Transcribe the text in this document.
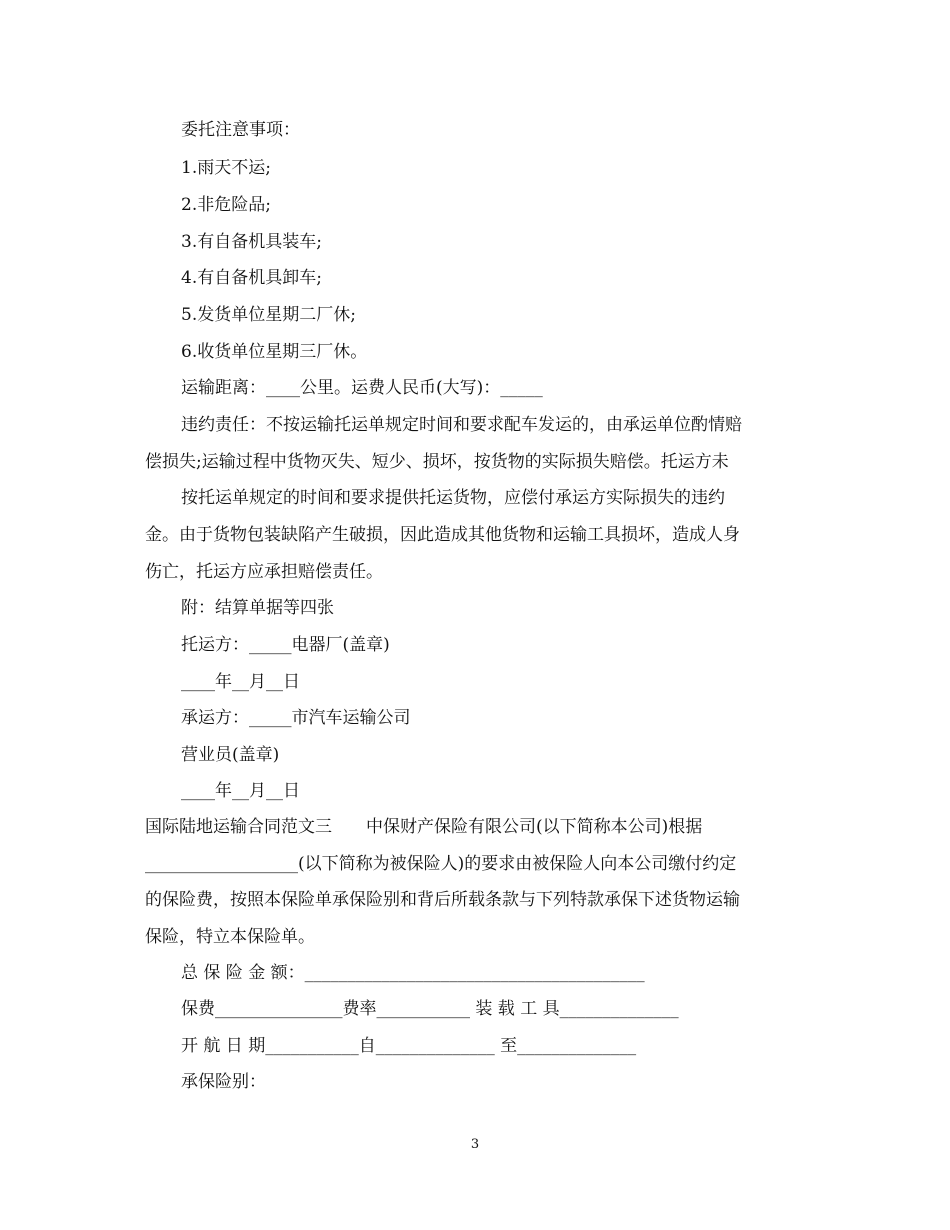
委托注意事项：
1.雨天不运;
2.非危险品;
3.有自备机具装车;
4.有自备机具卸车;
5.发货单位星期二厂休;
6.收货单位星期三厂休。
运输距离：____公里。运费人民币(大写)：_____
违约责任：不按运输托运单规定时间和要求配车发运的，由承运单位酌情赔
偿损失;运输过程中货物灭失、短少、损坏，按货物的实际损失赔偿。托运方未
按托运单规定的时间和要求提供托运货物，应偿付承运方实际损失的违约
金。由于货物包装缺陷产生破损，因此造成其他货物和运输工具损坏，造成人身
伤亡，托运方应承担赔偿责任。
附：结算单据等四张
托运方：_____电器厂(盖章)
____年__月__日
承运方：_____市汽车运输公司
营业员(盖章)
____年__月__日
国际陆地运输合同范文三　　中保财产保险有限公司(以下简称本公司)根据
__________________(以下简称为被保险人)的要求由被保险人向本公司缴付约定
的保险费，按照本保险单承保险别和背后所载条款与下列特款承保下述货物运输
保险，特立本保险单。
总 保 险 金 额：________________________________________
保费_______________费率___________ 装 载 工 具______________
开 航 日 期___________自______________ 至______________
承保险别：
3
